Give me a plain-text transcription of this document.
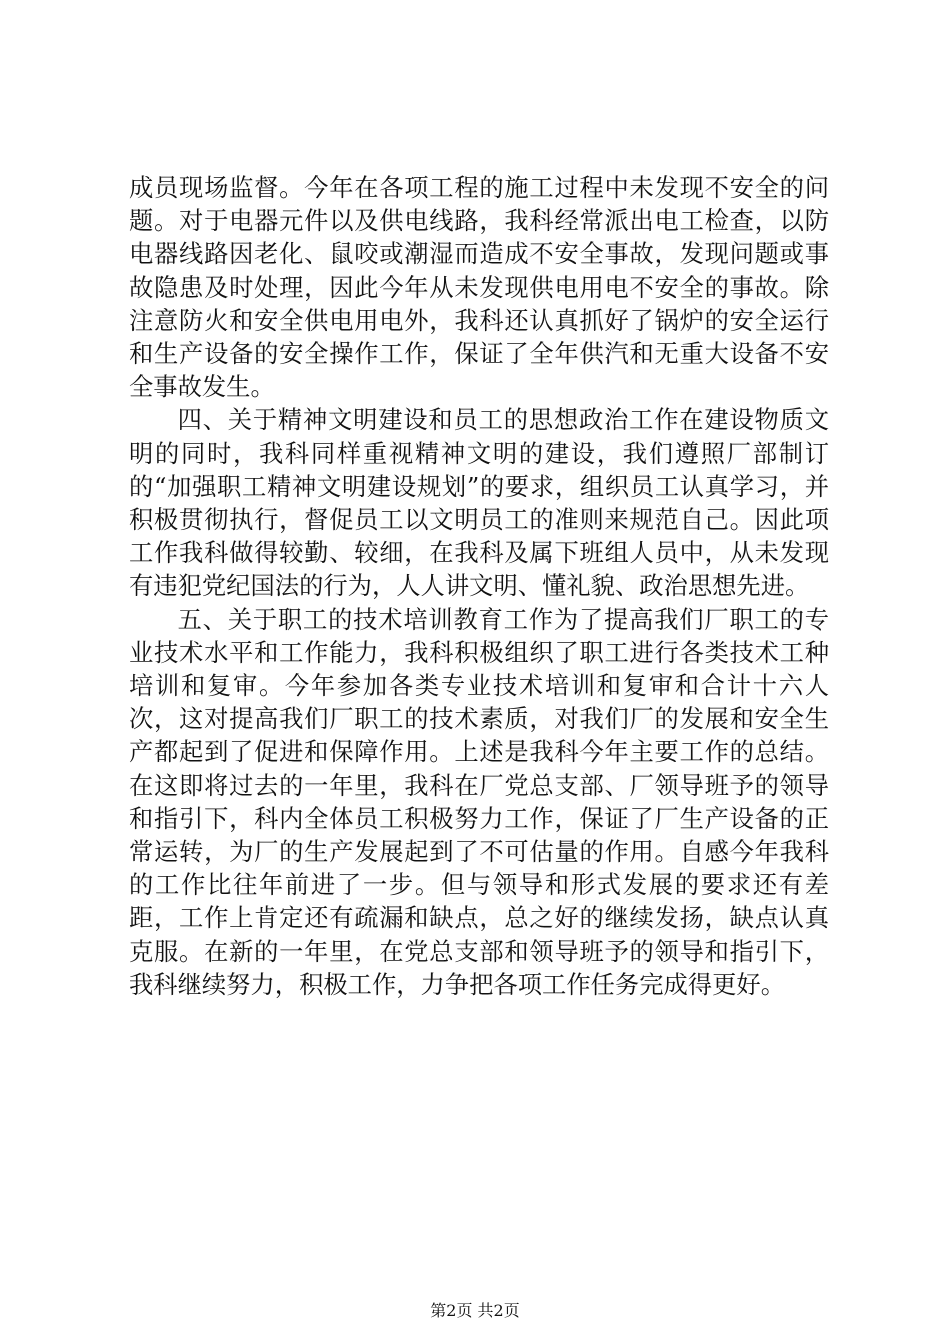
成员现场监督。今年在各项工程的施工过程中未发现不安全的问题。对于电器元件以及供电线路，我科经常派出电工检查，以防电器线路因老化、鼠咬或潮湿而造成不安全事故，发现问题或事故隐患及时处理，因此今年从未发现供电用电不安全的事故。除注意防火和安全供电用电外，我科还认真抓好了锅炉的安全运行和生产设备的安全操作工作，保证了全年供汽和无重大设备不安全事故发生。

四、关于精神文明建设和员工的思想政治工作在建设物质文明的同时，我科同样重视精神文明的建设，我们遵照厂部制订的“加强职工精神文明建设规划”的要求，组织员工认真学习，并积极贯彻执行，督促员工以文明员工的准则来规范自己。因此项工作我科做得较勤、较细，在我科及属下班组人员中，从未发现有违犯党纪国法的行为，人人讲文明、懂礼貌、政治思想先进。

五、关于职工的技术培训教育工作为了提高我们厂职工的专业技术水平和工作能力，我科积极组织了职工进行各类技术工种培训和复审。今年参加各类专业技术培训和复审和合计十六人次，这对提高我们厂职工的技术素质，对我们厂的发展和安全生产都起到了促进和保障作用。上述是我科今年主要工作的总结。在这即将过去的一年里，我科在厂党总支部、厂领导班予的领导和指引下，科内全体员工积极努力工作，保证了厂生产设备的正常运转，为厂的生产发展起到了不可估量的作用。自感今年我科的工作比往年前进了一步。但与领导和形式发展的要求还有差距，工作上肯定还有疏漏和缺点，总之好的继续发扬，缺点认真克服。在新的一年里，在党总支部和领导班予的领导和指引下，我科继续努力，积极工作，力争把各项工作任务完成得更好。

第2页 共2页
